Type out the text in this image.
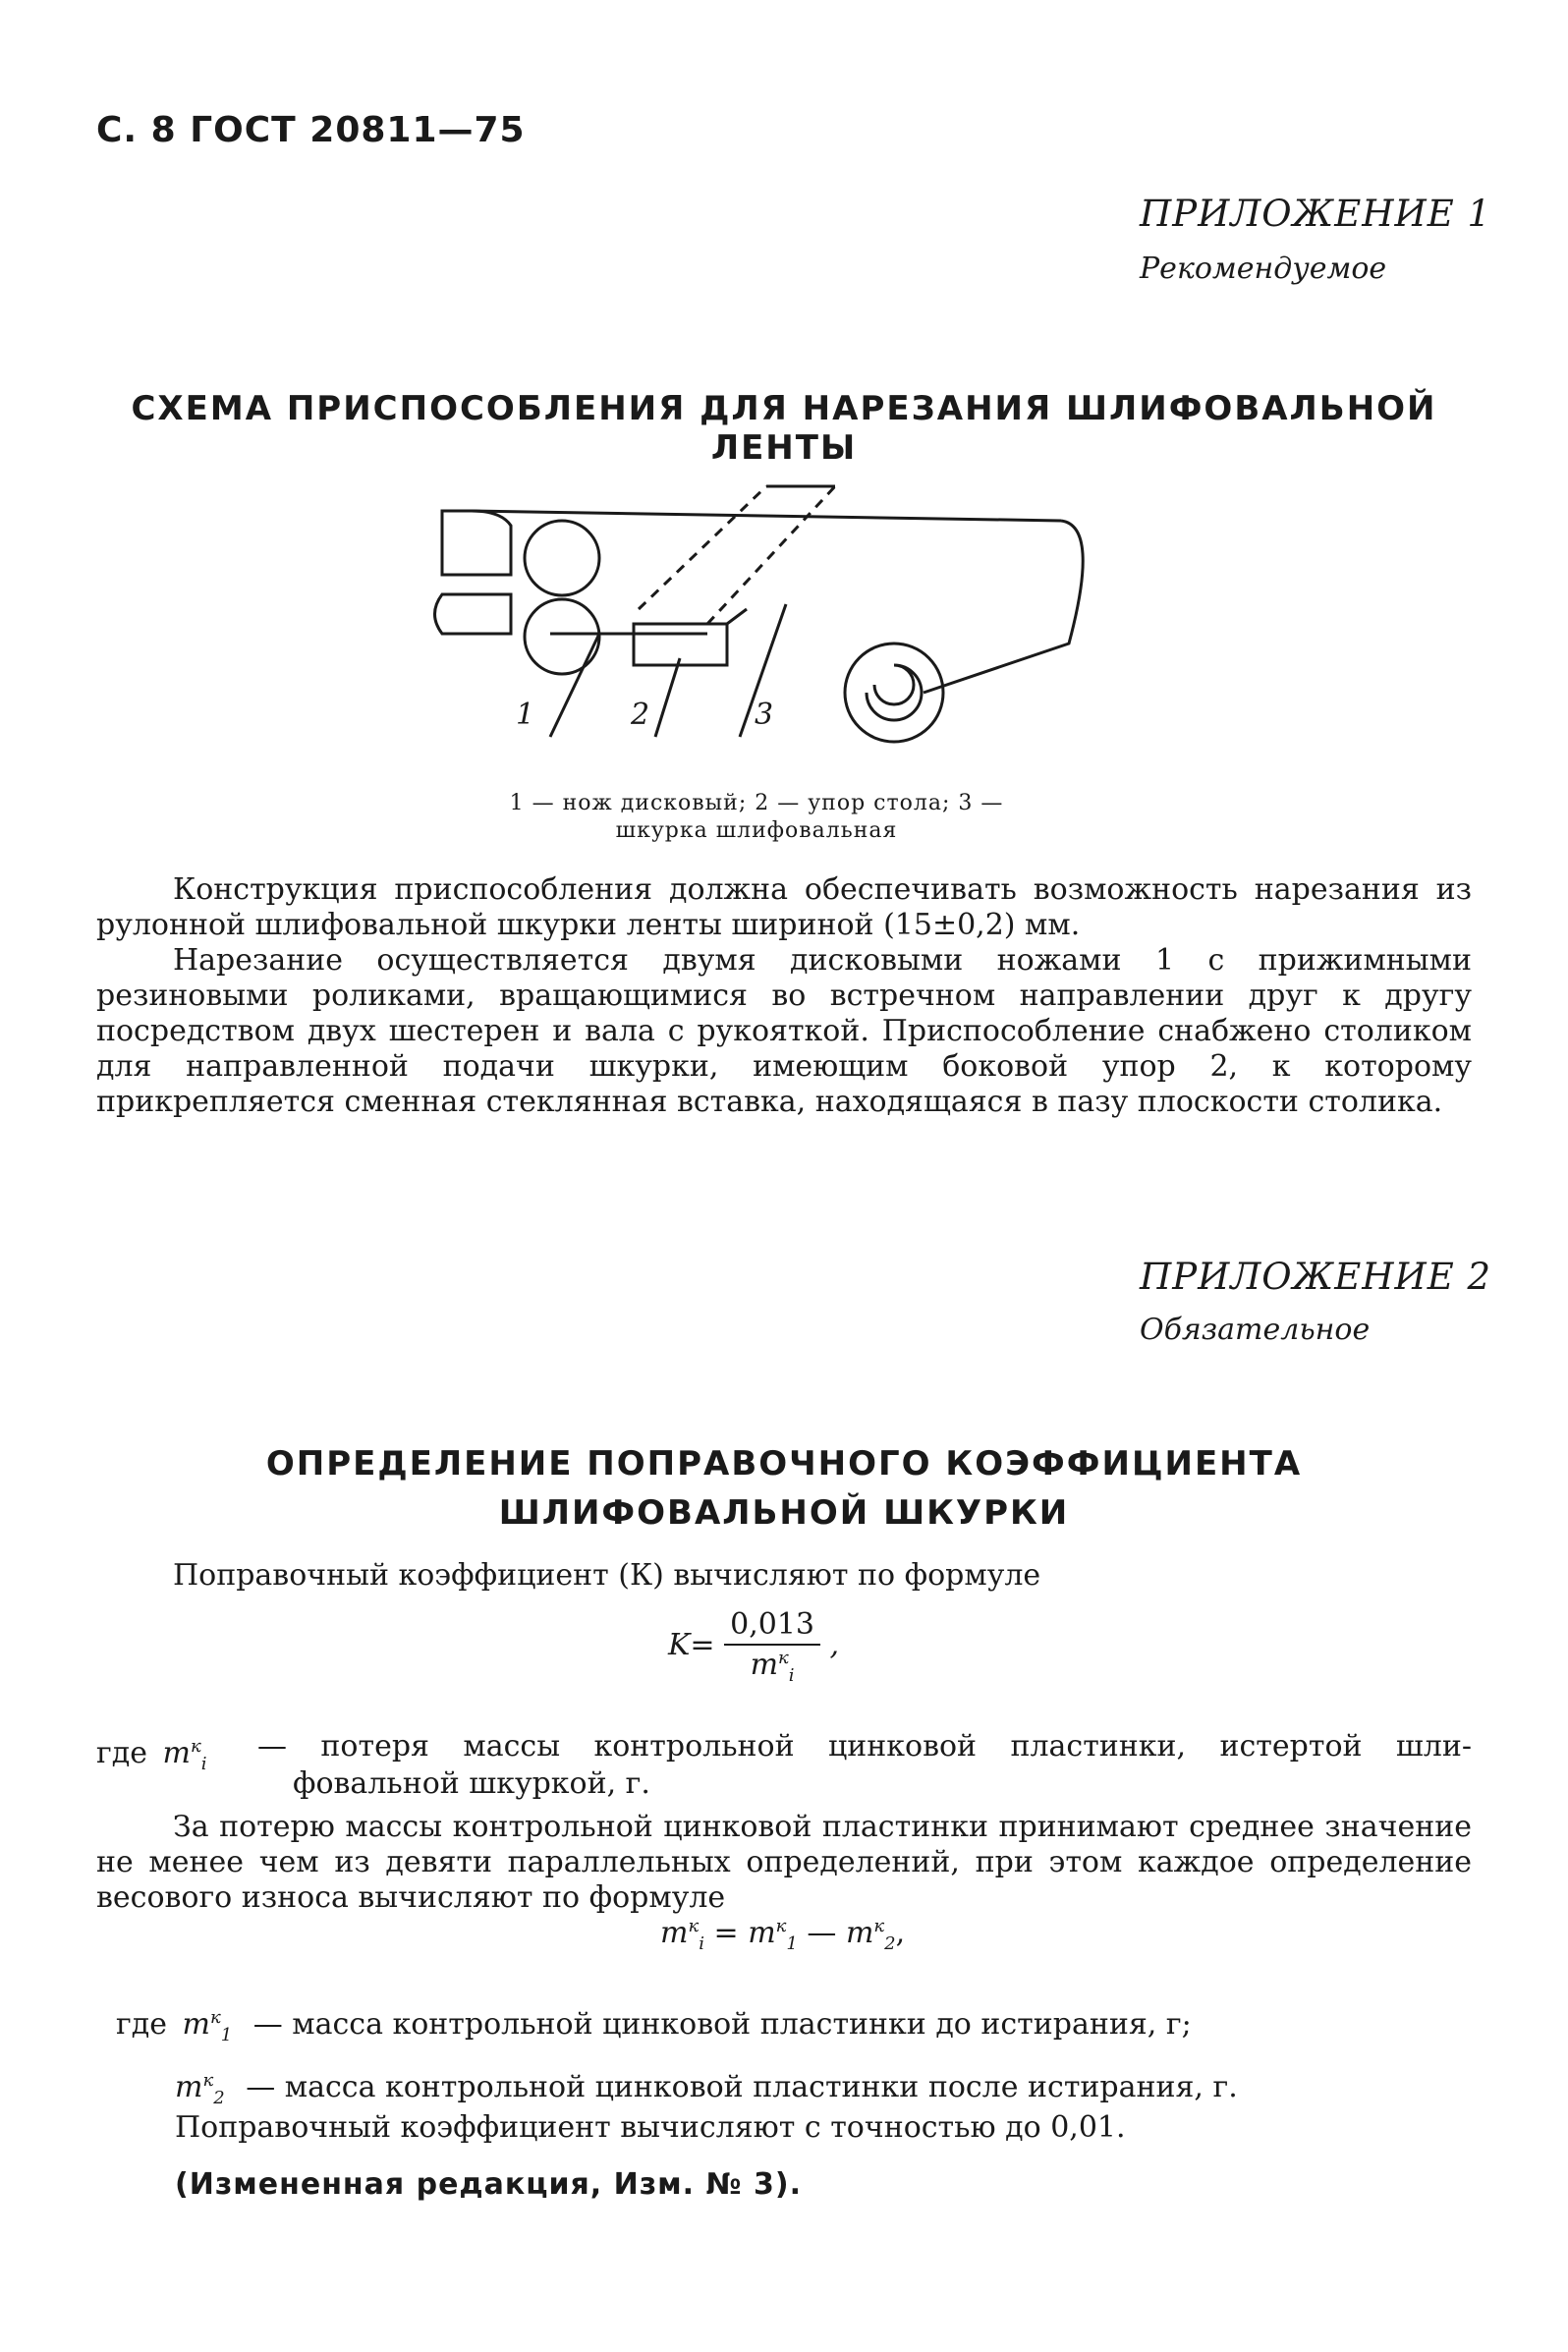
С. 8 ГОСТ 20811—75
ПРИЛОЖЕНИЕ 1
Рекомендуемое
СХЕМА ПРИСПОСОБЛЕНИЯ ДЛЯ НАРЕЗАНИЯ ШЛИФОВАЛЬНОЙ ЛЕНТЫ
1	2	3
1 — нож дисковый; 2 — упор стола; 3 —
шкурка шлифовальная

Конструкция приспособления должна обеспечивать возможность нарезания из рулонной шлифовальной шкурки ленты шириной (15±0,2) мм.

Нарезание осуществляется двумя дисковыми ножами 1 с прижимными резиновыми роликами, вращающимися во встречном направлении друг к другу посредством двух шестерен и вала с рукояткой. Приспособление снабжено столиком для направленной подачи шкурки, имеющим боковой упор 2, к которому прикрепляется сменная стеклянная вставка, находящаяся в пазу плоскости столика.

ПРИЛОЖЕНИЕ 2
Обязательное
ОПРЕДЕЛЕНИЕ ПОПРАВОЧНОГО КОЭФФИЦИЕНТА
ШЛИФОВАЛЬНОЙ ШКУРКИ
Поправочный коэффициент (К) вычисляют по формуле
$K= \frac{0,013}{m^к_i}$ ,
где $m^к_i$
— потеря массы контрольной цинковой пластинки, истертой шли-
фовальной шкуркой, г.

За потерю массы контрольной цинковой пластинки принимают среднее значение не менее чем из девяти параллельных определений, при этом каждое определение весового износа вычисляют по формуле

$m^к_i = m^к_1$ — $m^к_2$,
где $m^к_1$ — масса контрольной цинковой пластинки до истирания, г;
$m^к_2$ — масса контрольной цинковой пластинки после истирания, г.
Поправочный коэффициент вычисляют с точностью до 0,01.
(Измененная редакция, Изм. № 3).
